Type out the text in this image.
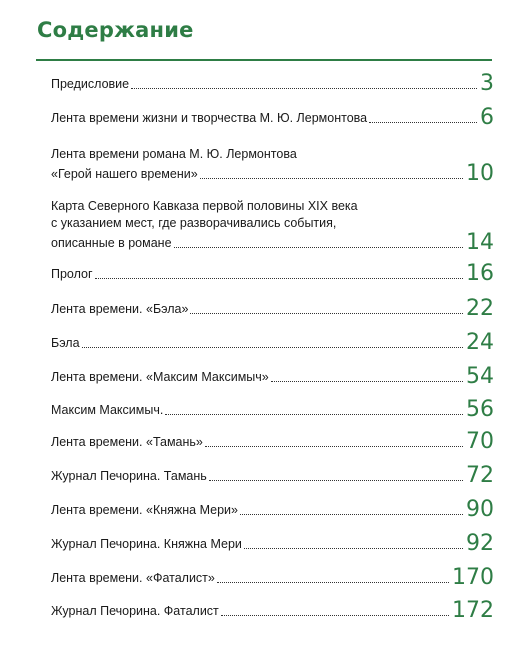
Содержание
Предисловие	3
Лента времени жизни и творчества М. Ю. Лермонтова	6
Лента времени романа М. Ю. Лермонтова
«Герой нашего времени»	10
Карта Северного Кавказа первой половины XIX века
с указанием мест, где разворачивались события,
описанные в романе	14
Пролог	16
Лента времени. «Бэла»	22
Бэла	24
Лента времени. «Максим Максимыч»	54
Максим Максимыч.	56
Лента времени. «Тамань»	70
Журнал Печорина. Тамань	72
Лента времени. «Княжна Мери»	90
Журнал Печорина. Княжна Мери	92
Лента времени. «Фаталист»	170
Журнал Печорина. Фаталист	172
